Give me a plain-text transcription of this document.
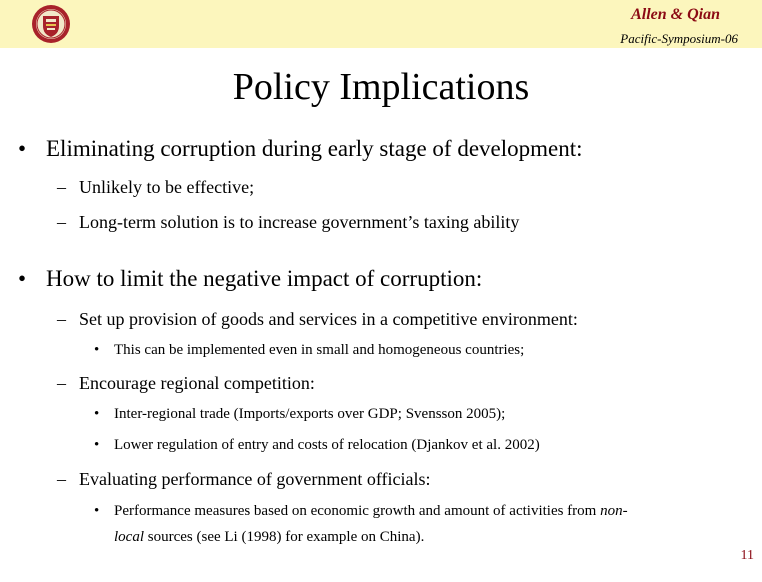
Allen & Qian
Pacific-Symposium-06
Policy Implications
• Eliminating corruption during early stage of development:
– Unlikely to be effective;
– Long-term solution is to increase government’s taxing ability
• How to limit the negative impact of corruption:
– Set up provision of goods and services in a competitive environment:
• This can be implemented even in small and homogeneous countries;
– Encourage regional competition:
• Inter-regional trade (Imports/exports over GDP; Svensson 2005);
• Lower regulation of entry and costs of relocation (Djankov et al. 2002)
– Evaluating performance of government officials:
• Performance measures based on economic growth and amount of activities from non-
local sources (see Li (1998) for example on China).
11
